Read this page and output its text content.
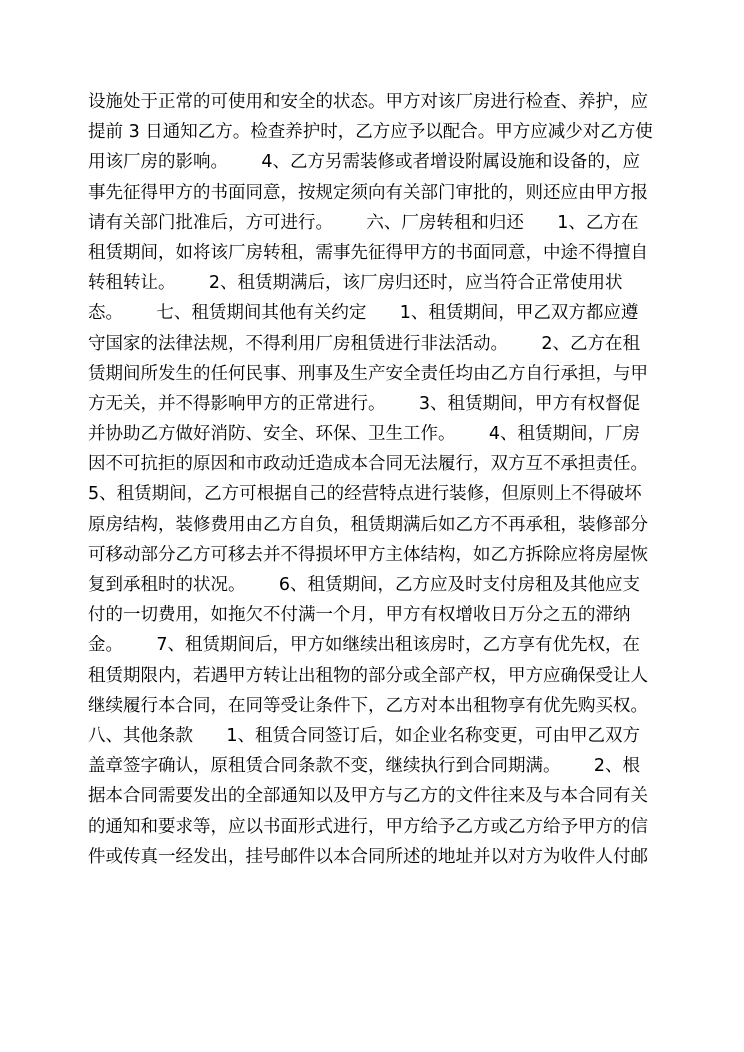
设施处于正常的可使用和安全的状态。甲方对该厂房进行检查、养护，应
提前 3 日通知乙方。检查养护时，乙方应予以配合。甲方应减少对乙方使
用该厂房的影响。      4、乙方另需装修或者增设附属设施和设备的，应
事先征得甲方的书面同意，按规定须向有关部门审批的，则还应由甲方报
请有关部门批准后，方可进行。      六、厂房转租和归还      1、乙方在
租赁期间，如将该厂房转租，需事先征得甲方的书面同意，中途不得擅自
转租转让。      2、租赁期满后，该厂房归还时，应当符合正常使用状
态。      七、租赁期间其他有关约定      1、租赁期间，甲乙双方都应遵
守国家的法律法规，不得利用厂房租赁进行非法活动。      2、乙方在租
赁期间所发生的任何民事、刑事及生产安全责任均由乙方自行承担，与甲
方无关，并不得影响甲方的正常进行。      3、租赁期间，甲方有权督促
并协助乙方做好消防、安全、环保、卫生工作。      4、租赁期间，厂房
因不可抗拒的原因和市政动迁造成本合同无法履行，双方互不承担责任。
5、租赁期间，乙方可根据自己的经营特点进行装修，但原则上不得破坏
原房结构，装修费用由乙方自负，租赁期满后如乙方不再承租，装修部分
可移动部分乙方可移去并不得损坏甲方主体结构，如乙方拆除应将房屋恢
复到承租时的状况。      6、租赁期间，乙方应及时支付房租及其他应支
付的一切费用，如拖欠不付满一个月，甲方有权增收日万分之五的滞纳
金。      7、租赁期间后，甲方如继续出租该房时，乙方享有优先权，在
租赁期限内，若遇甲方转让出租物的部分或全部产权，甲方应确保受让人
继续履行本合同，在同等受让条件下，乙方对本出租物享有优先购买权。
八、其他条款      1、租赁合同签订后，如企业名称变更，可由甲乙双方
盖章签字确认，原租赁合同条款不变，继续执行到合同期满。      2、根
据本合同需要发出的全部通知以及甲方与乙方的文件往来及与本合同有关
的通知和要求等，应以书面形式进行，甲方给予乙方或乙方给予甲方的信
件或传真一经发出，挂号邮件以本合同所述的地址并以对方为收件人付邮
